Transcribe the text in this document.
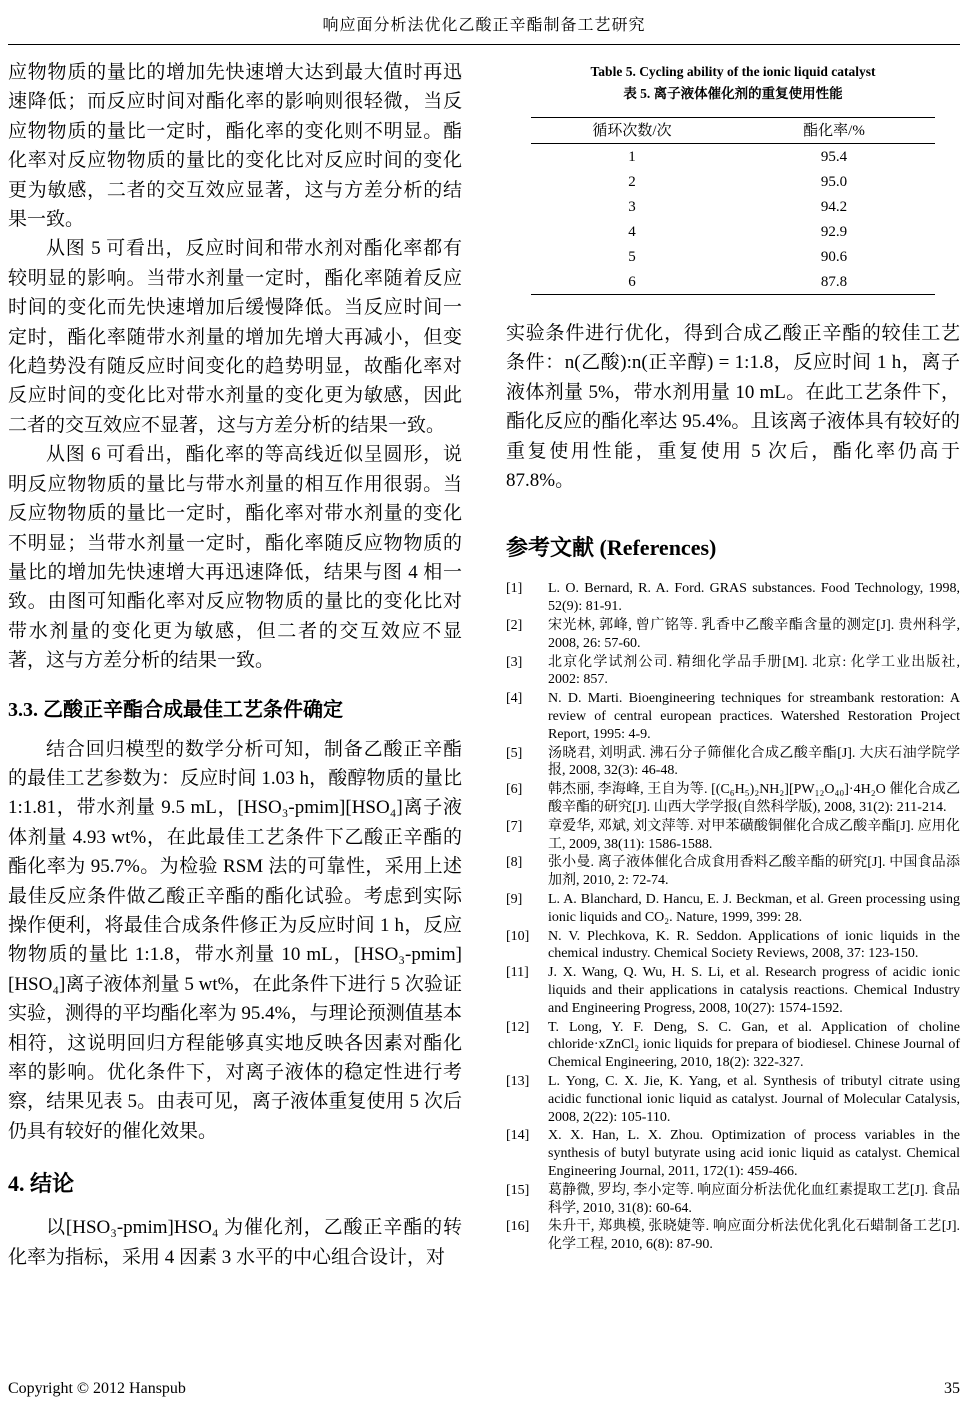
响应面分析法优化乙酸正辛酯制备工艺研究

应物物质的量比的增加先快速增大达到最大值时再迅速降低；而反应时间对酯化率的影响则很轻微，当反应物物质的量比一定时，酯化率的变化则不明显。酯化率对反应物物质的量比的变化比对反应时间的变化更为敏感，二者的交互效应显著，这与方差分析的结果一致。

从图 5 可看出，反应时间和带水剂对酯化率都有较明显的影响。当带水剂量一定时，酯化率随着反应时间的变化而先快速增加后缓慢降低。当反应时间一定时，酯化率随带水剂量的增加先增大再减小，但变化趋势没有随反应时间变化的趋势明显，故酯化率对反应时间的变化比对带水剂量的变化更为敏感，因此二者的交互效应不显著，这与方差分析的结果一致。

从图 6 可看出，酯化率的等高线近似呈圆形，说明反应物物质的量比与带水剂量的相互作用很弱。当反应物物质的量比一定时，酯化率对带水剂量的变化不明显；当带水剂量一定时，酯化率随反应物物质的量比的增加先快速增大再迅速降低，结果与图 4 相一致。由图可知酯化率对反应物物质的量比的变化比对带水剂量的变化更为敏感，但二者的交互效应不显著，这与方差分析的结果一致。

3.3. 乙酸正辛酯合成最佳工艺条件确定

结合回归模型的数学分析可知，制备乙酸正辛酯的最佳工艺参数为：反应时间 1.03 h，酸醇物质的量比 1:1.81，带水剂量 9.5 mL，[HSO₃-pmim][HSO₄]离子液体剂量 4.93 wt%，在此最佳工艺条件下乙酸正辛酯的酯化率为 95.7%。为检验 RSM 法的可靠性，采用上述最佳反应条件做乙酸正辛酯的酯化试验。考虑到实际操作便利，将最佳合成条件修正为反应时间 1 h，反应物物质的量比 1:1.8，带水剂量 10 mL，[HSO₃-pmim][HSO₄]离子液体剂量 5 wt%，在此条件下进行 5 次验证实验，测得的平均酯化率为 95.4%，与理论预测值基本相符，这说明回归方程能够真实地反映各因素对酯化率的影响。优化条件下，对离子液体的稳定性进行考察，结果见表 5。由表可见，离子液体重复使用 5 次后仍具有较好的催化效果。

4. 结论

以[HSO₃-pmim]HSO₄ 为催化剂，乙酸正辛酯的转化率为指标，采用 4 因素 3 水平的中心组合设计，对

Table 5. Cycling ability of the ionic liquid catalyst
表 5. 离子液体催化剂的重复使用性能
循环次数/次	酯化率/%
1	95.4
2	95.0
3	94.2
4	92.9
5	90.6
6	87.8

实验条件进行优化，得到合成乙酸正辛酯的较佳工艺条件：n(乙酸):n(正辛醇) = 1:1.8，反应时间 1 h，离子液体剂量 5%，带水剂用量 10 mL。在此工艺条件下，酯化反应的酯化率达 95.4%。且该离子液体具有较好的重复使用性能，重复使用 5 次后，酯化率仍高于 87.8%。

参考文献 (References)
[1]	L. O. Bernard, R. A. Ford. GRAS substances. Food Technology, 1998, 52(9): 81-91.
[2]	宋光林, 郭峰, 曾广铭等. 乳香中乙酸辛酯含量的测定[J]. 贵州科学, 2008, 26: 57-60.
[3]	北京化学试剂公司. 精细化学品手册[M]. 北京: 化学工业出版社, 2002: 857.
[4]	N. D. Marti. Bioengineering techniques for streambank restoration: A review of central european practices. Watershed Restoration Project Report, 1995: 4-9.
[5]	汤晓君, 刘明武. 沸石分子筛催化合成乙酸辛酯[J]. 大庆石油学院学报, 2008, 32(3): 46-48.
[6]	韩杰丽, 李海峰, 王自为等. [(C₆H₅)₂NH₂][PW₁₂O₄₀]·4H₂O 催化合成乙酸辛酯的研究[J]. 山西大学学报(自然科学版), 2008, 31(2): 211-214.
[7]	章爱华, 邓斌, 刘文萍等. 对甲苯磺酸铜催化合成乙酸辛酯[J]. 应用化工, 2009, 38(11): 1586-1588.
[8]	张小曼. 离子液体催化合成食用香料乙酸辛酯的研究[J]. 中国食品添加剂, 2010, 2: 72-74.
[9]	L. A. Blanchard, D. Hancu, E. J. Beckman, et al. Green processing using ionic liquids and CO₂. Nature, 1999, 399: 28.
[10]	N. V. Plechkova, K. R. Seddon. Applications of ionic liquids in the chemical industry. Chemical Society Reviews, 2008, 37: 123-150.
[11]	J. X. Wang, Q. Wu, H. S. Li, et al. Research progress of acidic ionic liquids and their applications in catalysis reactions. Chemical Industry and Engineering Progress, 2008, 10(27): 1574-1592.
[12]	T. Long, Y. F. Deng, S. C. Gan, et al. Application of choline chloride·xZnCl₂ ionic liquids for prepara of biodiesel. Chinese Journal of Chemical Engineering, 2010, 18(2): 322-327.
[13]	L. Yong, C. X. Jie, K. Yang, et al. Synthesis of tributyl citrate using acidic functional ionic liquid as catalyst. Journal of Molecular Catalysis, 2008, 2(22): 105-110.
[14]	X. X. Han, L. X. Zhou. Optimization of process variables in the synthesis of butyl butyrate using acid ionic liquid as catalyst. Chemical Engineering Journal, 2011, 172(1): 459-466.
[15]	葛静微, 罗均, 李小定等. 响应面分析法优化血红素提取工艺[J]. 食品科学, 2010, 31(8): 60-64.
[16]	朱升干, 郑典模, 张晓婕等. 响应面分析法优化乳化石蜡制备工艺[J]. 化学工程, 2010, 6(8): 87-90.
Copyright © 2012 Hanspub	35
